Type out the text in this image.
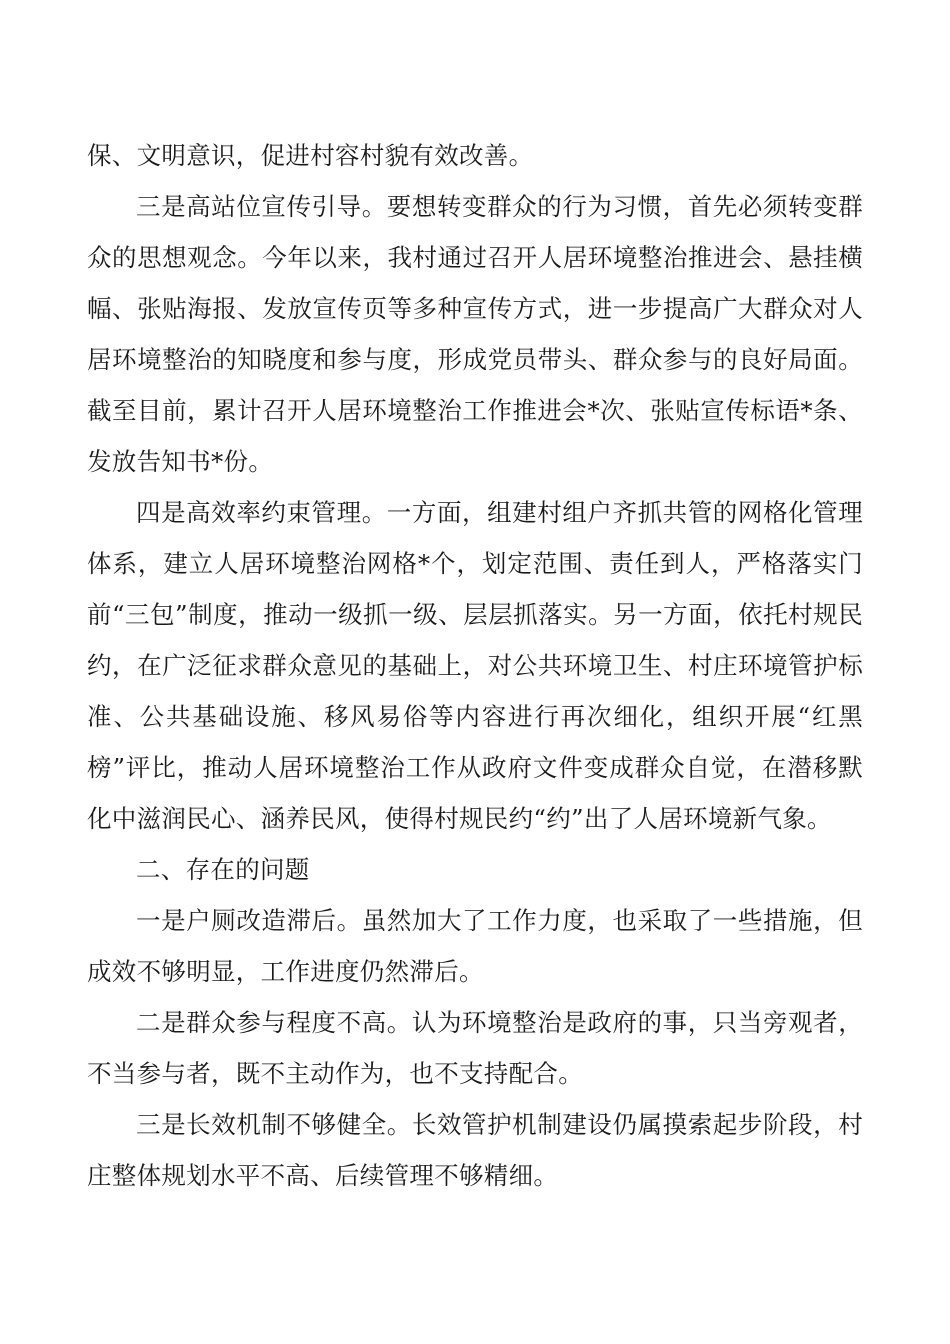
保、文明意识，促进村容村貌有效改善。

三是高站位宣传引导。要想转变群众的行为习惯，首先必须转变群众的思想观念。今年以来，我村通过召开人居环境整治推进会、悬挂横幅、张贴海报、发放宣传页等多种宣传方式，进一步提高广大群众对人居环境整治的知晓度和参与度，形成党员带头、群众参与的良好局面。截至目前，累计召开人居环境整治工作推进会*次、张贴宣传标语*条、发放告知书*份。

四是高效率约束管理。一方面，组建村组户齐抓共管的网格化管理体系，建立人居环境整治网格*个，划定范围、责任到人，严格落实门前“三包”制度，推动一级抓一级、层层抓落实。另一方面，依托村规民约，在广泛征求群众意见的基础上，对公共环境卫生、村庄环境管护标准、公共基础设施、移风易俗等内容进行再次细化，组织开展“红黑榜”评比，推动人居环境整治工作从政府文件变成群众自觉，在潜移默化中滋润民心、涵养民风，使得村规民约“约”出了人居环境新气象。

二、存在的问题

一是户厕改造滞后。虽然加大了工作力度，也采取了一些措施，但成效不够明显，工作进度仍然滞后。

二是群众参与程度不高。认为环境整治是政府的事，只当旁观者，不当参与者，既不主动作为，也不支持配合。

三是长效机制不够健全。长效管护机制建设仍属摸索起步阶段，村庄整体规划水平不高、后续管理不够精细。
